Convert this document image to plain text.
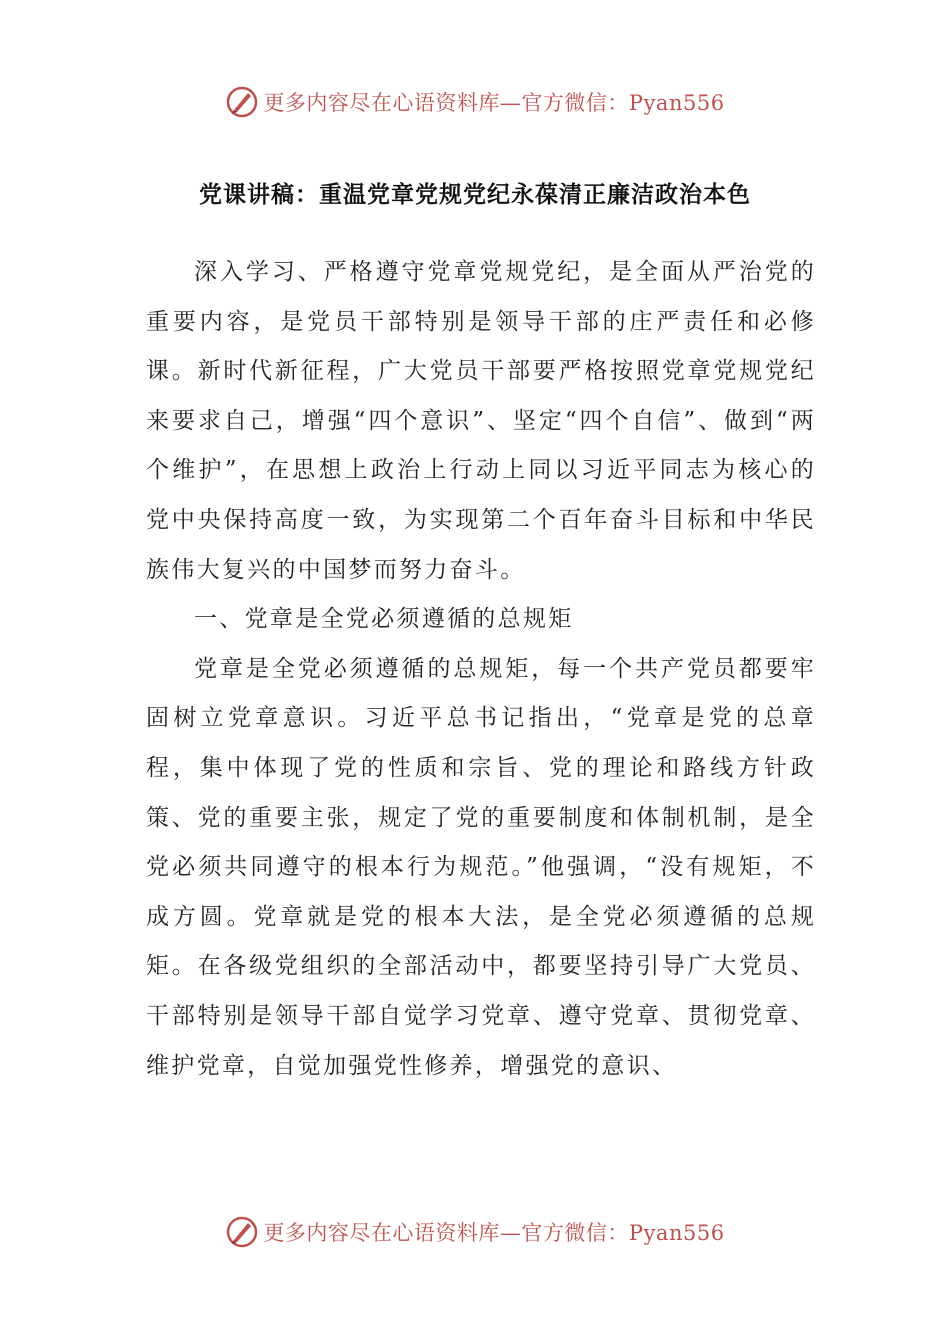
更多内容尽在心语资料库—官方微信：Pyan556
党课讲稿：重温党章党规党纪永葆清正廉洁政治本色

深入学习、严格遵守党章党规党纪，是全面从严治党的重要内容，是党员干部特别是领导干部的庄严责任和必修课。新时代新征程，广大党员干部要严格按照党章党规党纪来要求自己，增强“四个意识”、坚定“四个自信”、做到“两个维护”，在思想上政治上行动上同以习近平同志为核心的党中央保持高度一致，为实现第二个百年奋斗目标和中华民族伟大复兴的中国梦而努力奋斗。

一、党章是全党必须遵循的总规矩

党章是全党必须遵循的总规矩，每一个共产党员都要牢固树立党章意识。习近平总书记指出，“党章是党的总章程，集中体现了党的性质和宗旨、党的理论和路线方针政策、党的重要主张，规定了党的重要制度和体制机制，是全党必须共同遵守的根本行为规范。”他强调，“没有规矩，不成方圆。党章就是党的根本大法，是全党必须遵循的总规矩。在各级党组织的全部活动中，都要坚持引导广大党员、干部特别是领导干部自觉学习党章、遵守党章、贯彻党章、维护党章，自觉加强党性修养，增强党的意识、

更多内容尽在心语资料库—官方微信：Pyan556
